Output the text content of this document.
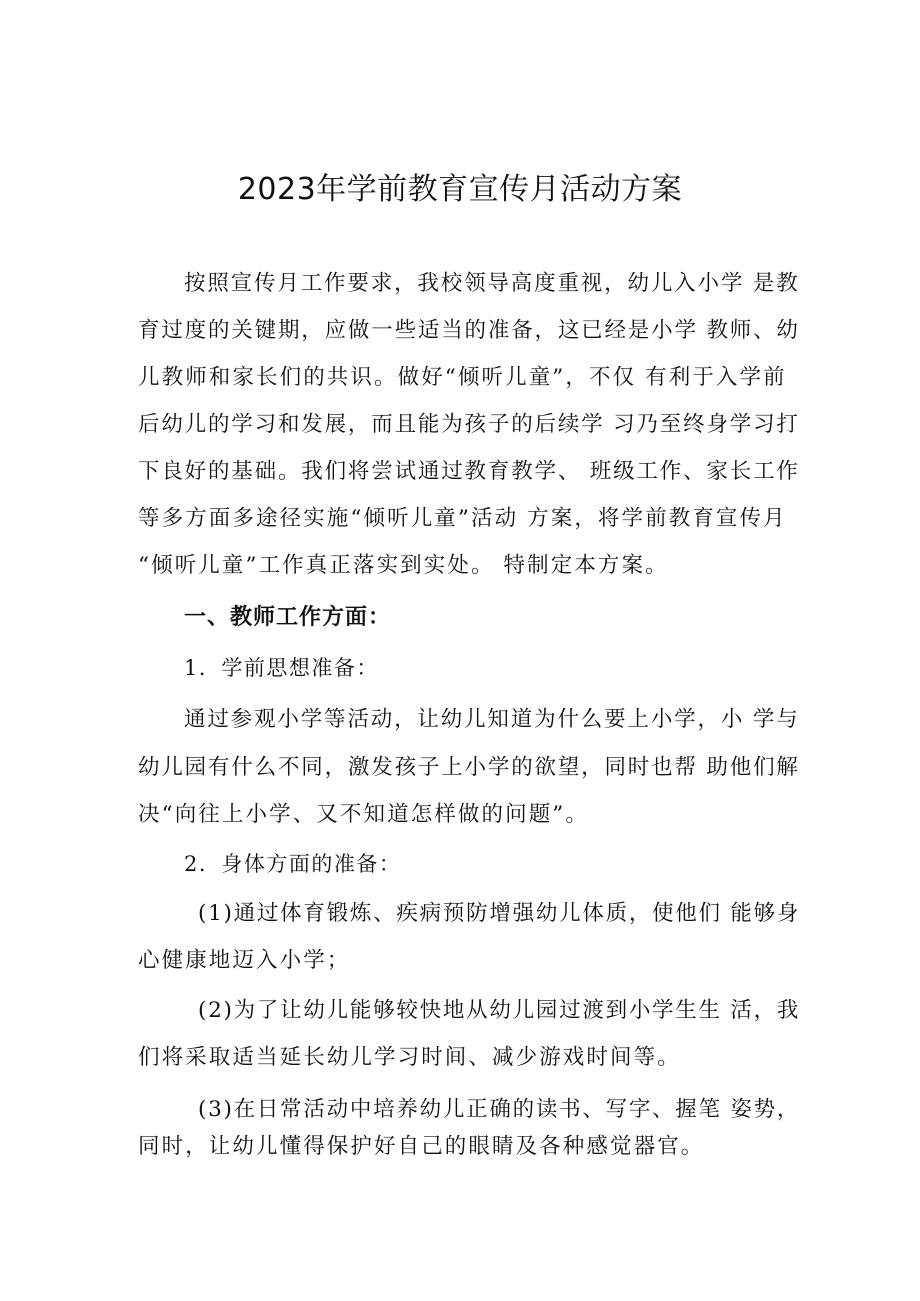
2023年学前教育宣传月活动方案
按照宣传月工作要求，我校领导高度重视，幼儿入小学 是教
育过度的关键期，应做一些适当的准备，这已经是小学 教师、幼
儿教师和家长们的共识。做好“倾听儿童”，不仅 有利于入学前
后幼儿的学习和发展，而且能为孩子的后续学 习乃至终身学习打
下良好的基础。我们将尝试通过教育教学、 班级工作、家长工作
等多方面多途径实施“倾听儿童”活动 方案，将学前教育宣传月
“倾听儿童”工作真正落实到实处。 特制定本方案。
一、教师工作方面：
1．学前思想准备：
通过参观小学等活动，让幼儿知道为什么要上小学，小 学与
幼儿园有什么不同，激发孩子上小学的欲望，同时也帮 助他们解
决“向往上小学、又不知道怎样做的问题”。
2．身体方面的准备：
(1)通过体育锻炼、疾病预防增强幼儿体质，使他们 能够身
心健康地迈入小学；
(2)为了让幼儿能够较快地从幼儿园过渡到小学生生 活，我
们将采取适当延长幼儿学习时间、减少游戏时间等。
(3)在日常活动中培养幼儿正确的读书、写字、握笔 姿势，
同时，让幼儿懂得保护好自己的眼睛及各种感觉器官。
